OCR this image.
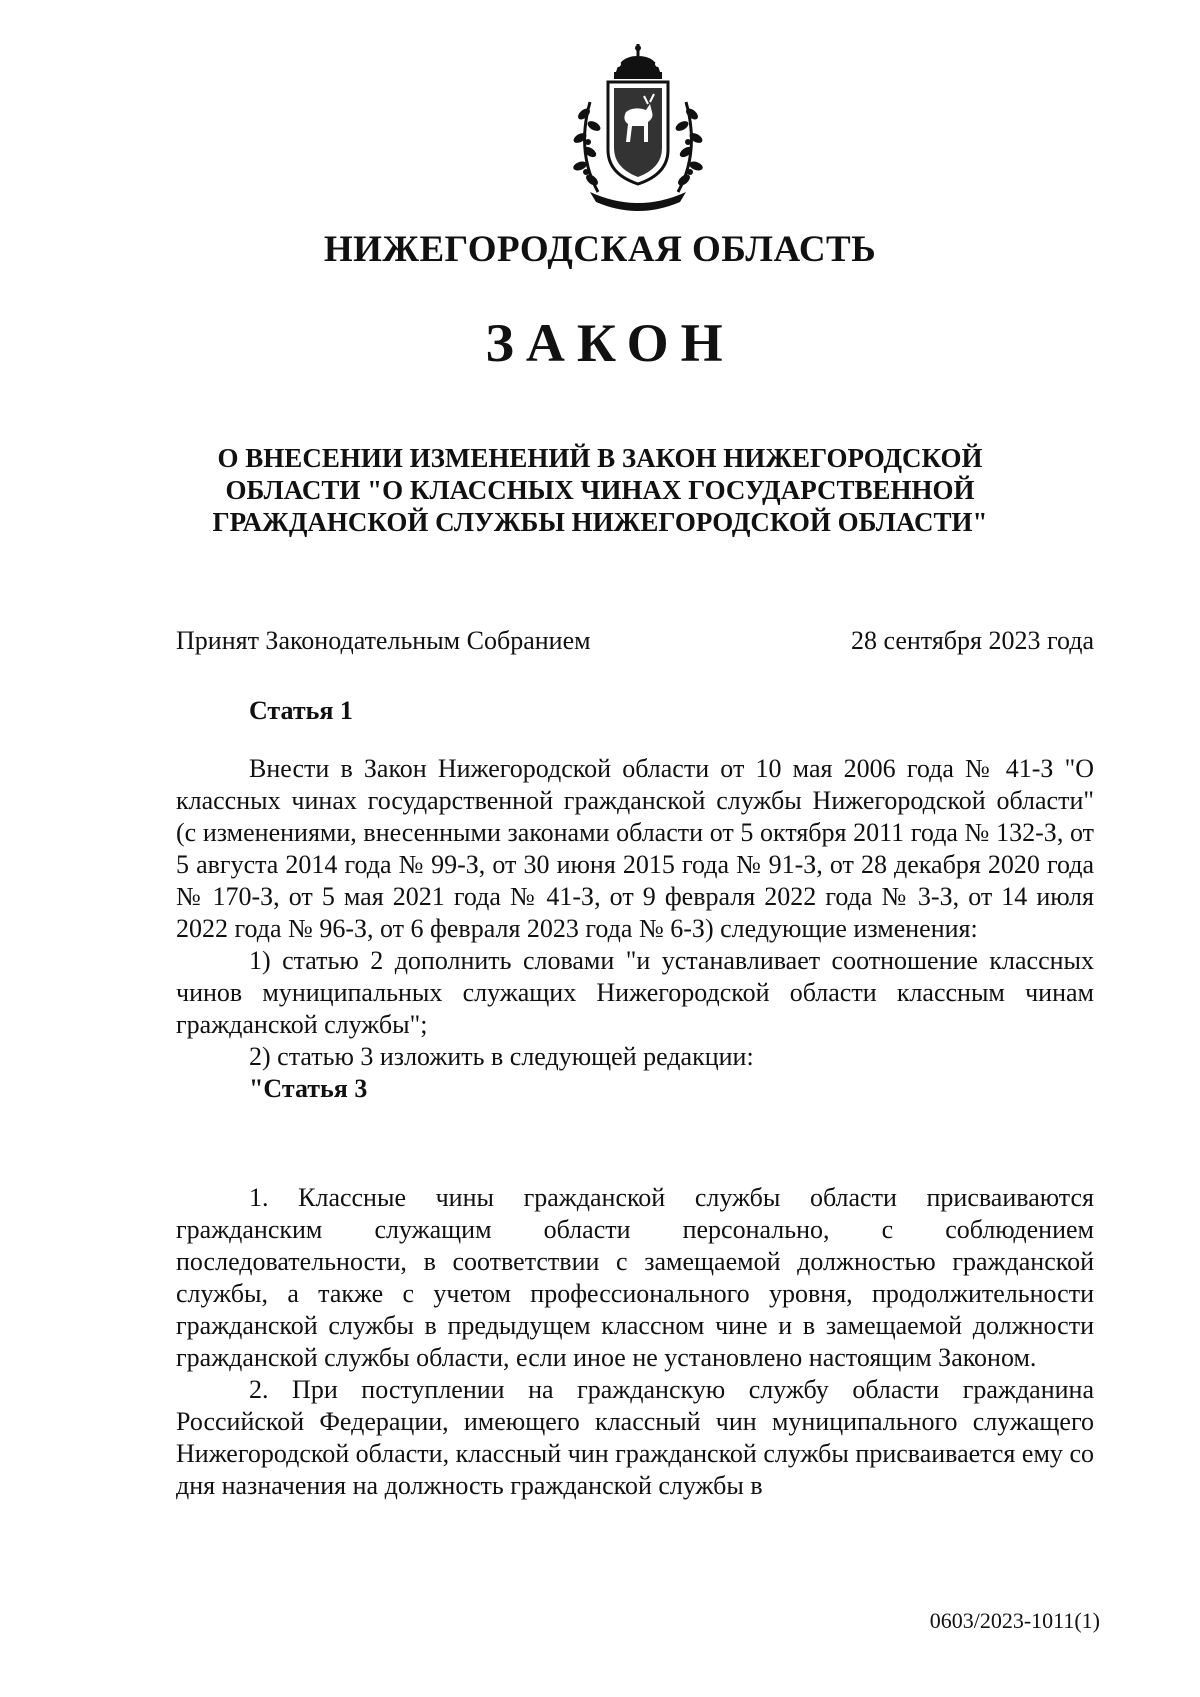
НИЖЕГОРОДСКАЯ ОБЛАСТЬ
ЗАКОН
О ВНЕСЕНИИ ИЗМЕНЕНИЙ В ЗАКОН НИЖЕГОРОДСКОЙ ОБЛАСТИ "О КЛАССНЫХ ЧИНАХ ГОСУДАРСТВЕННОЙ ГРАЖДАНСКОЙ СЛУЖБЫ НИЖЕГОРОДСКОЙ ОБЛАСТИ"
Принят Законодательным Собранием	28 сентября 2023 года
Статья 1

Внести в Закон Нижегородской области от 10 мая 2006 года № 41-З "О классных чинах государственной гражданской службы Нижегородской области" (с изменениями, внесенными законами области от 5 октября 2011 года № 132-З, от 5 августа 2014 года № 99-З, от 30 июня 2015 года № 91-З, от 28 декабря 2020 года № 170-З, от 5 мая 2021 года № 41-З, от 9 февраля 2022 года № 3-З, от 14 июля 2022 года № 96-З, от 6 февраля 2023 года № 6-З) следующие изменения:

1) статью 2 дополнить словами "и устанавливает соотношение классных чинов муниципальных служащих Нижегородской области классным чинам гражданской службы";

2) статью 3 изложить в следующей редакции:

"Статья 3

1. Классные чины гражданской службы области присваиваются гражданским служащим области персонально, с соблюдением последовательности, в соответствии с замещаемой должностью гражданской службы, а также с учетом профессионального уровня, продолжительности гражданской службы в предыдущем классном чине и в замещаемой должности гражданской службы области, если иное не установлено настоящим Законом.

2. При поступлении на гражданскую службу области гражданина Российской Федерации, имеющего классный чин муниципального служащего Нижегородской области, классный чин гражданской службы присваивается ему со дня назначения на должность гражданской службы в

0603/2023-1011(1)
